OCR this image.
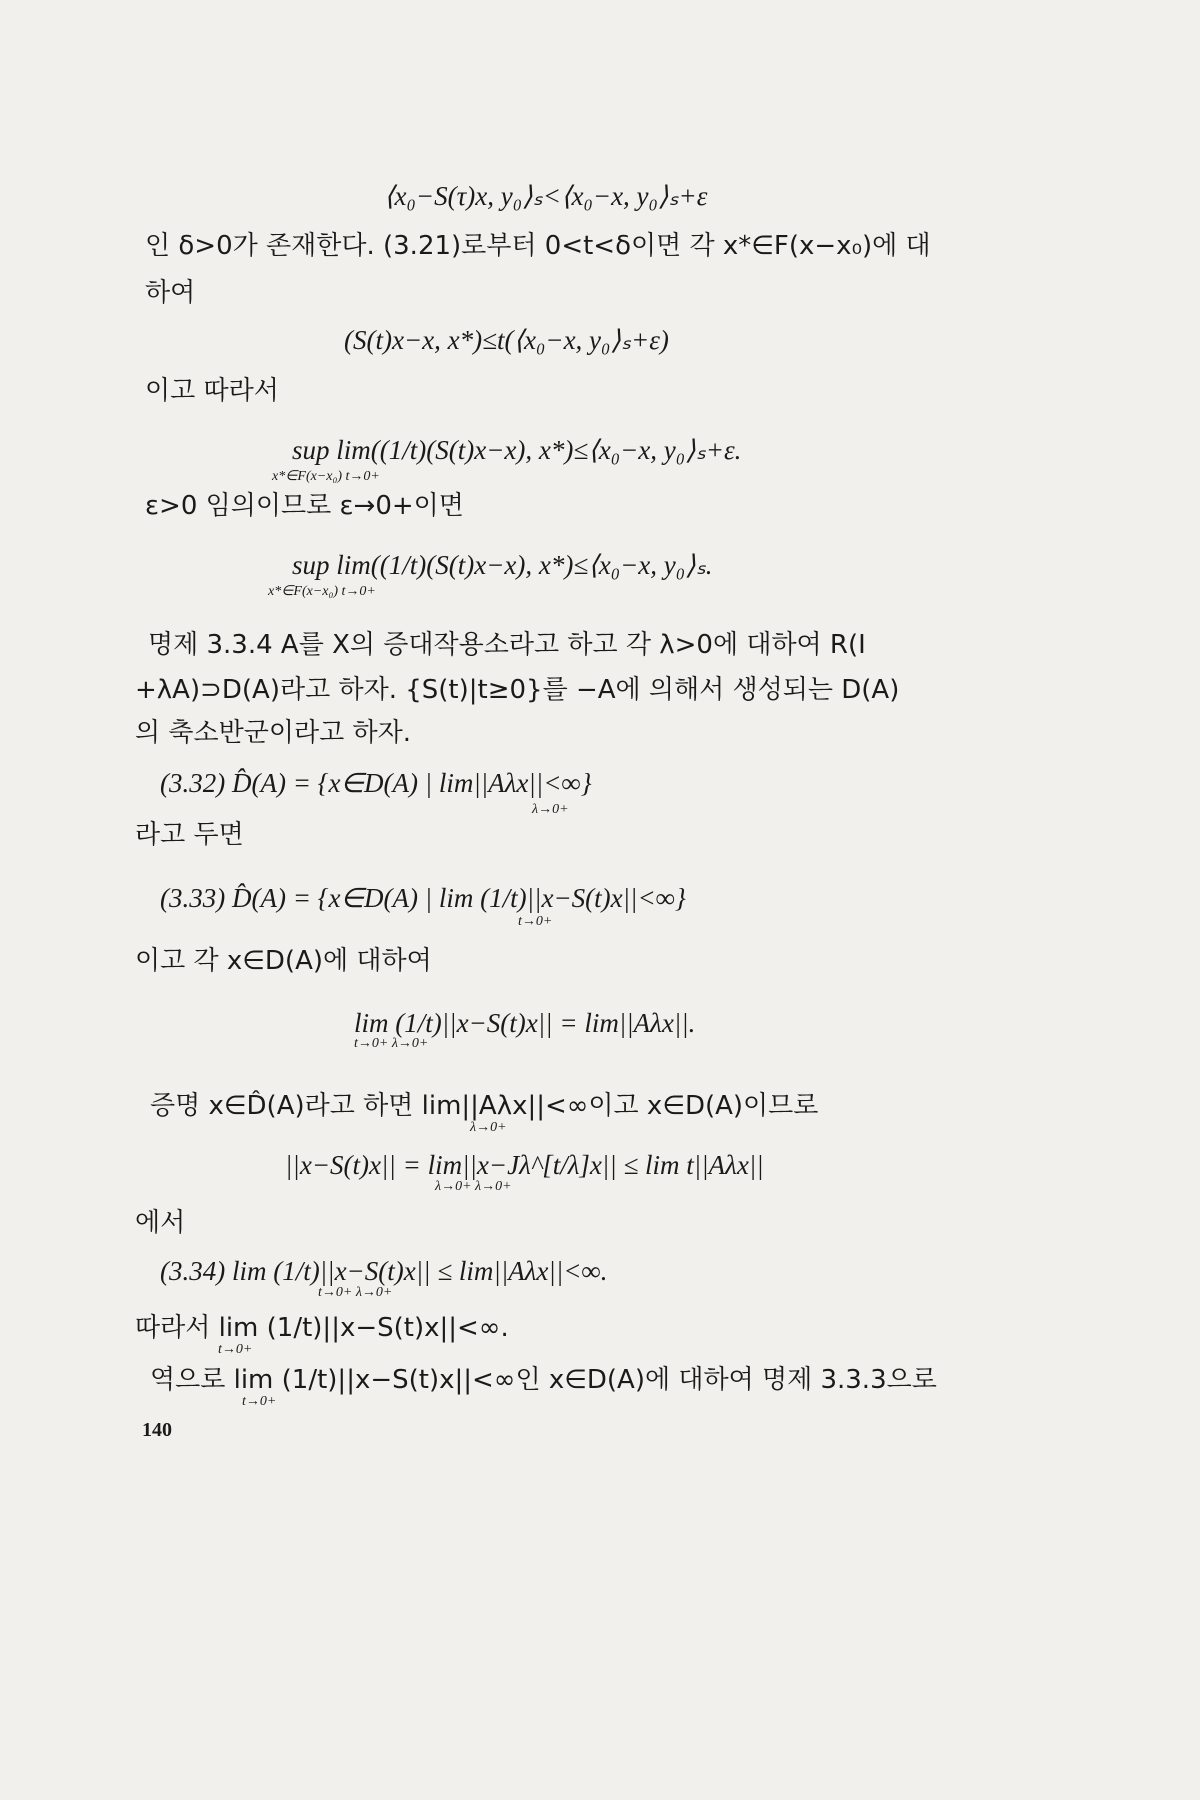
⟨x₀−S(τ)x, y₀⟩ₛ<⟨x₀−x, y₀⟩ₛ+ε
인 δ>0가 존재한다. (3.21)로부터 0<t<δ이면 각 x*∈F(x−x₀)에 대
하여
(S(t)x−x, x*)≤t(⟨x₀−x, y₀⟩ₛ+ε)
이고 따라서
sup lim((1/t)(S(t)x−x), x*)≤⟨x₀−x, y₀⟩ₛ+ε.
x*∈F(x−x₀) t→0+
ε>0 임의이므로 ε→0+이면
sup lim((1/t)(S(t)x−x), x*)≤⟨x₀−x, y₀⟩ₛ.
x*∈F(x−x₀) t→0+
명제 3.3.4 A를 X의 증대작용소라고 하고 각 λ>0에 대하여 R(I
+λA)⊃D(A)라고 하자. {S(t)|t≥0}를 −A에 의해서 생성되는 D(A)
의 축소반군이라고 하자.
(3.32) D̂(A) = {x∈D(A) | lim||Aλx||<∞}
λ→0+
라고 두면
(3.33) D̂(A) = {x∈D(A) | lim (1/t)||x−S(t)x||<∞}
t→0+
이고 각 x∈D(A)에 대하여
lim (1/t)||x−S(t)x|| = lim||Aλx||.
t→0+ λ→0+
증명 x∈D̂(A)라고 하면 lim||Aλx||<∞이고 x∈D(A)이므로
λ→0+
||x−S(t)x|| = lim||x−Jλ^[t/λ]x|| ≤ lim t||Aλx||
λ→0+ λ→0+
에서
(3.34) lim (1/t)||x−S(t)x|| ≤ lim||Aλx||<∞.
t→0+ λ→0+
따라서 lim (1/t)||x−S(t)x||<∞.
t→0+
역으로 lim (1/t)||x−S(t)x||<∞인 x∈D(A)에 대하여 명제 3.3.3으로
t→0+
140
